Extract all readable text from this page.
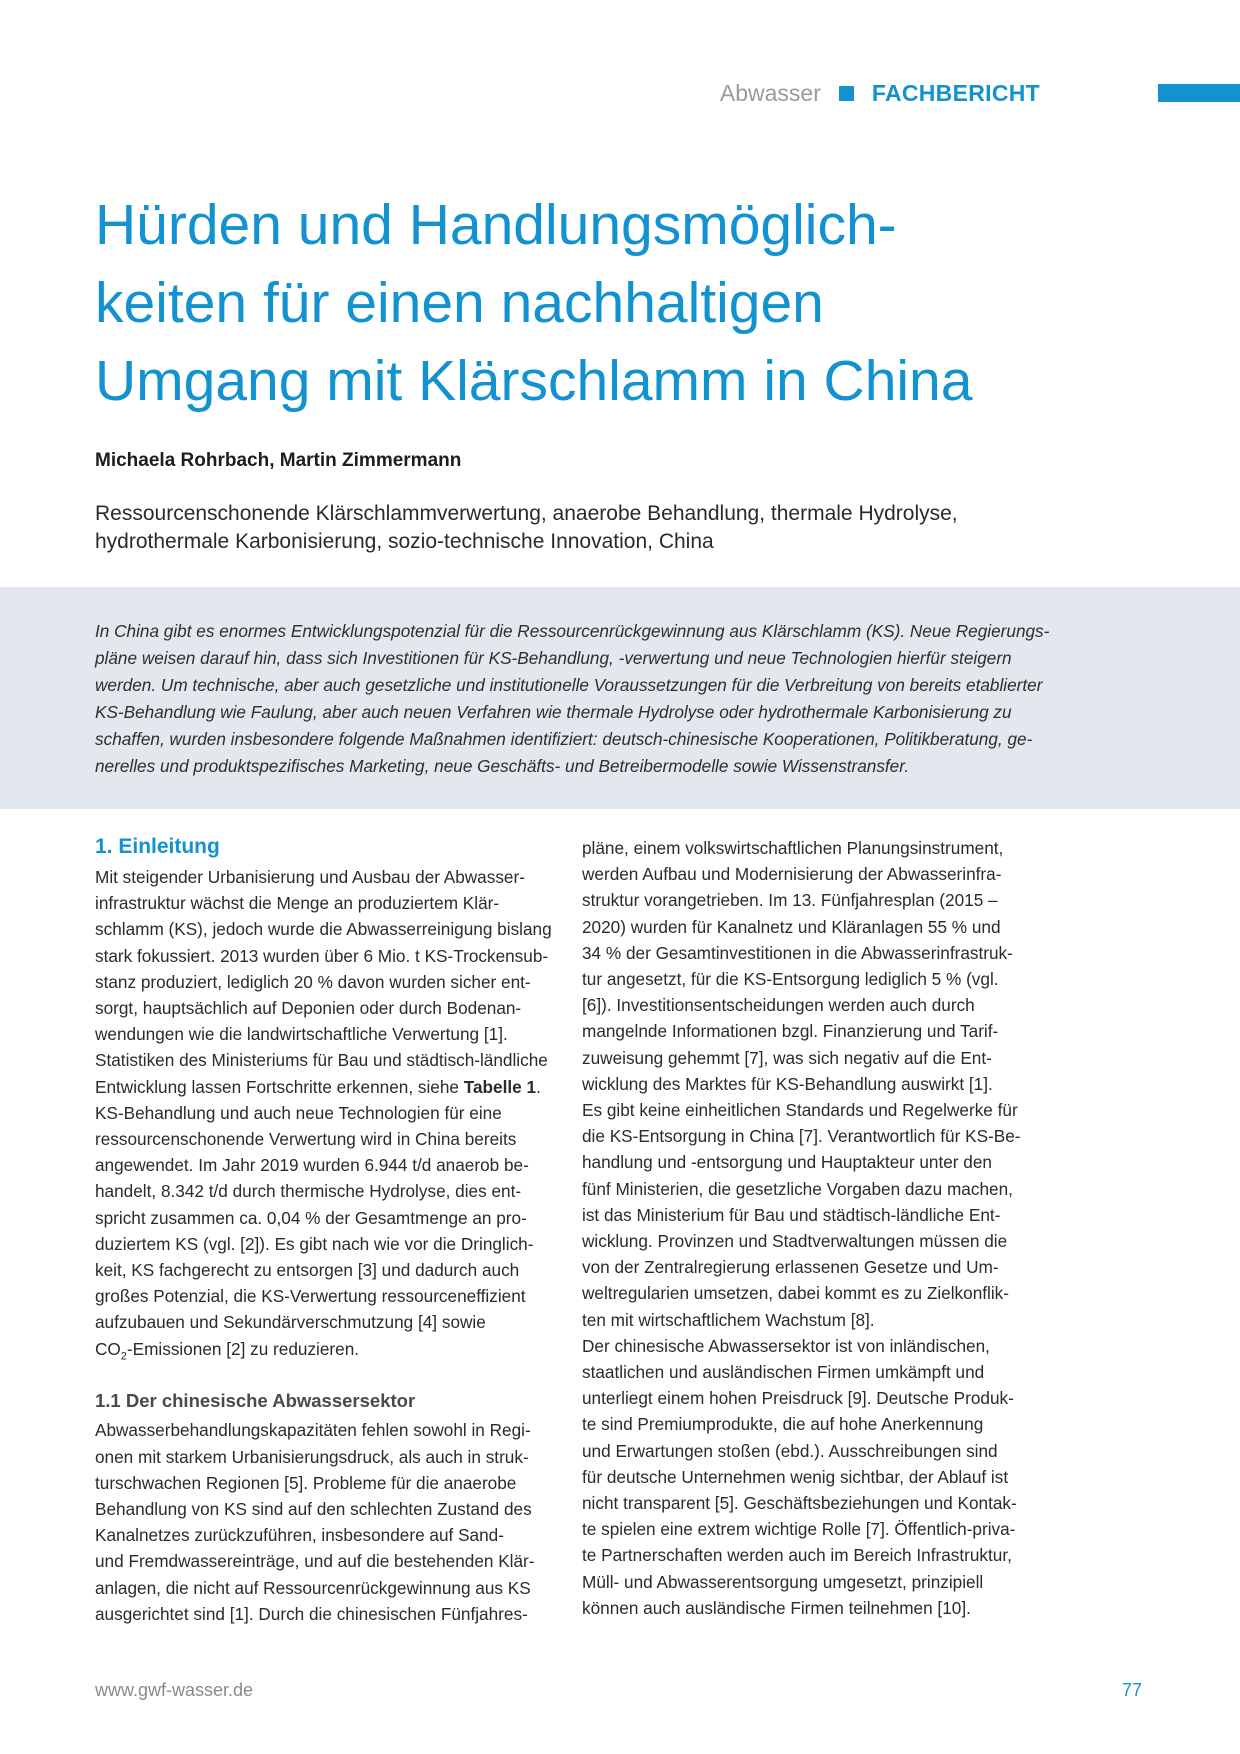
Abwasser FACHBERICHT
Hürden und Handlungsmöglich-
keiten für einen nachhaltigen
Umgang mit Klärschlamm in China
Michaela Rohrbach, Martin Zimmermann
Ressourcenschonende Klärschlammverwertung, anaerobe Behandlung, thermale Hydrolyse,
hydrothermale Karbonisierung, sozio-technische Innovation, China
In China gibt es enormes Entwicklungspotenzial für die Ressourcenrückgewinnung aus Klärschlamm (KS). Neue Regierungs-
pläne weisen darauf hin, dass sich Investitionen für KS-Behandlung, -verwertung und neue Technologien hierfür steigern
werden. Um technische, aber auch gesetzliche und institutionelle Voraussetzungen für die Verbreitung von bereits etablierter
KS-Behandlung wie Faulung, aber auch neuen Verfahren wie thermale Hydrolyse oder hydrothermale Karbonisierung zu
schaffen, wurden insbesondere folgende Maßnahmen identifiziert: deutsch-chinesische Kooperationen, Politikberatung, ge-
nerelles und produktspezifisches Marketing, neue Geschäfts- und Betreibermodelle sowie Wissenstransfer.
1. Einleitung

Mit steigender Urbanisierung und Ausbau der Abwasser-
infrastruktur wächst die Menge an produziertem Klär-
schlamm (KS), jedoch wurde die Abwasserreinigung bislang
stark fokussiert. 2013 wurden über 6 Mio. t KS-Trockensub-
stanz produziert, lediglich 20 % davon wurden sicher ent-
sorgt, hauptsächlich auf Deponien oder durch Bodenan-
wendungen wie die landwirtschaftliche Verwertung [1].
Statistiken des Ministeriums für Bau und städtisch-ländliche
Entwicklung lassen Fortschritte erkennen, siehe Tabelle 1.

KS-Behandlung und auch neue Technologien für eine
ressourcenschonende Verwertung wird in China bereits
angewendet. Im Jahr 2019 wurden 6.944 t/d anaerob be-
handelt, 8.342 t/d durch thermische Hydrolyse, dies ent-
spricht zusammen ca. 0,04 % der Gesamtmenge an pro-
duziertem KS (vgl. [2]). Es gibt nach wie vor die Dringlich-
keit, KS fachgerecht zu entsorgen [3] und dadurch auch
großes Potenzial, die KS-Verwertung ressourceneffizient
aufzubauen und Sekundärverschmutzung [4] sowie
$CO_2$-Emissionen [2] zu reduzieren.

1.1 Der chinesische Abwassersektor

Abwasserbehandlungskapazitäten fehlen sowohl in Regi-
onen mit starkem Urbanisierungsdruck, als auch in struk-
turschwachen Regionen [5]. Probleme für die anaerobe
Behandlung von KS sind auf den schlechten Zustand des
Kanalnetzes zurückzuführen, insbesondere auf Sand-
und Fremdwassereinträge, und auf die bestehenden Klär-
anlagen, die nicht auf Ressourcenrückgewinnung aus KS
ausgerichtet sind [1]. Durch die chinesischen Fünfjahres-

pläne, einem volkswirtschaftlichen Planungsinstrument,
werden Aufbau und Modernisierung der Abwasserinfra-
struktur vorangetrieben. Im 13. Fünfjahresplan (2015 –
2020) wurden für Kanalnetz und Kläranlagen 55 % und
34 % der Gesamtinvestitionen in die Abwasserinfrastruk-
tur angesetzt, für die KS-Entsorgung lediglich 5 % (vgl.
[6]). Investitionsentscheidungen werden auch durch
mangelnde Informationen bzgl. Finanzierung und Tarif-
zuweisung gehemmt [7], was sich negativ auf die Ent-
wicklung des Marktes für KS-Behandlung auswirkt [1].

Es gibt keine einheitlichen Standards und Regelwerke für
die KS-Entsorgung in China [7]. Verantwortlich für KS-Be-
handlung und -entsorgung und Hauptakteur unter den
fünf Ministerien, die gesetzliche Vorgaben dazu machen,
ist das Ministerium für Bau und städtisch-ländliche Ent-
wicklung. Provinzen und Stadtverwaltungen müssen die
von der Zentralregierung erlassenen Gesetze und Um-
weltregularien umsetzen, dabei kommt es zu Zielkonflik-
ten mit wirtschaftlichem Wachstum [8].

Der chinesische Abwassersektor ist von inländischen,
staatlichen und ausländischen Firmen umkämpft und
unterliegt einem hohen Preisdruck [9]. Deutsche Produk-
te sind Premiumprodukte, die auf hohe Anerkennung
und Erwartungen stoßen (ebd.). Ausschreibungen sind
für deutsche Unternehmen wenig sichtbar, der Ablauf ist
nicht transparent [5]. Geschäftsbeziehungen und Kontak-
te spielen eine extrem wichtige Rolle [7]. Öffentlich-priva-
te Partnerschaften werden auch im Bereich Infrastruktur,
Müll- und Abwasserentsorgung umgesetzt, prinzipiell
können auch ausländische Firmen teilnehmen [10].

www.gwf-wasser.de	77
